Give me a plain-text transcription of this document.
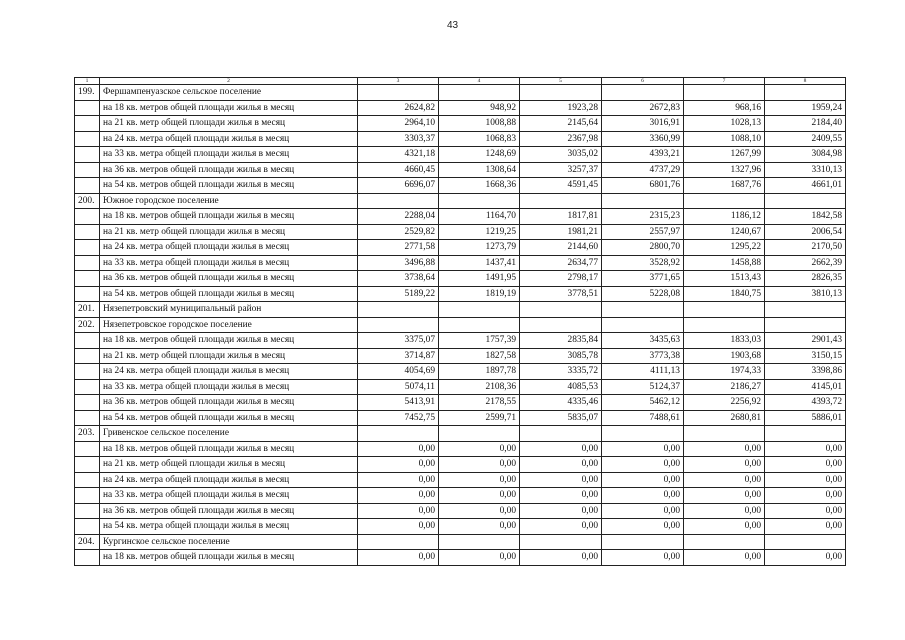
43
1	2	3	4	5	6	7	8
199.	Фершампенуазское сельское поселение						
	на 18 кв. метров общей площади жилья в месяц	2624,82	948,92	1923,28	2672,83	968,16	1959,24
	на 21 кв. метр общей площади жилья в месяц	2964,10	1008,88	2145,64	3016,91	1028,13	2184,40
	на 24 кв. метра общей площади жилья в месяц	3303,37	1068,83	2367,98	3360,99	1088,10	2409,55
	на 33 кв. метра общей площади жилья в месяц	4321,18	1248,69	3035,02	4393,21	1267,99	3084,98
	на 36 кв. метров общей площади жилья в месяц	4660,45	1308,64	3257,37	4737,29	1327,96	3310,13
	на 54 кв. метров общей площади жилья в месяц	6696,07	1668,36	4591,45	6801,76	1687,76	4661,01
200.	Южное городское поселение						
	на 18 кв. метров общей площади жилья в месяц	2288,04	1164,70	1817,81	2315,23	1186,12	1842,58
	на 21 кв. метр общей площади жилья в месяц	2529,82	1219,25	1981,21	2557,97	1240,67	2006,54
	на 24 кв. метра общей площади жилья в месяц	2771,58	1273,79	2144,60	2800,70	1295,22	2170,50
	на 33 кв. метра общей площади жилья в месяц	3496,88	1437,41	2634,77	3528,92	1458,88	2662,39
	на 36 кв. метров общей площади жилья в месяц	3738,64	1491,95	2798,17	3771,65	1513,43	2826,35
	на 54 кв. метров общей площади жилья в месяц	5189,22	1819,19	3778,51	5228,08	1840,75	3810,13
201.	Нязепетровский муниципальный район						
202.	Нязепетровское городское поселение						
	на 18 кв. метров общей площади жилья в месяц	3375,07	1757,39	2835,84	3435,63	1833,03	2901,43
	на 21 кв. метр общей площади жилья в месяц	3714,87	1827,58	3085,78	3773,38	1903,68	3150,15
	на 24 кв. метра общей площади жилья в месяц	4054,69	1897,78	3335,72	4111,13	1974,33	3398,86
	на 33 кв. метра общей площади жилья в месяц	5074,11	2108,36	4085,53	5124,37	2186,27	4145,01
	на 36 кв. метров общей площади жилья в месяц	5413,91	2178,55	4335,46	5462,12	2256,92	4393,72
	на 54 кв. метров общей площади жилья в месяц	7452,75	2599,71	5835,07	7488,61	2680,81	5886,01
203.	Гривенское сельское поселение						
	на 18 кв. метров общей площади жилья в месяц	0,00	0,00	0,00	0,00	0,00	0,00
	на 21 кв. метр общей площади жилья в месяц	0,00	0,00	0,00	0,00	0,00	0,00
	на 24 кв. метра общей площади жилья в месяц	0,00	0,00	0,00	0,00	0,00	0,00
	на 33 кв. метра общей площади жилья в месяц	0,00	0,00	0,00	0,00	0,00	0,00
	на 36 кв. метров общей площади жилья в месяц	0,00	0,00	0,00	0,00	0,00	0,00
	на 54 кв. метра общей площади жилья в месяц	0,00	0,00	0,00	0,00	0,00	0,00
204.	Кургинское сельское поселение						
	на 18 кв. метров общей площади жилья в месяц	0,00	0,00	0,00	0,00	0,00	0,00
